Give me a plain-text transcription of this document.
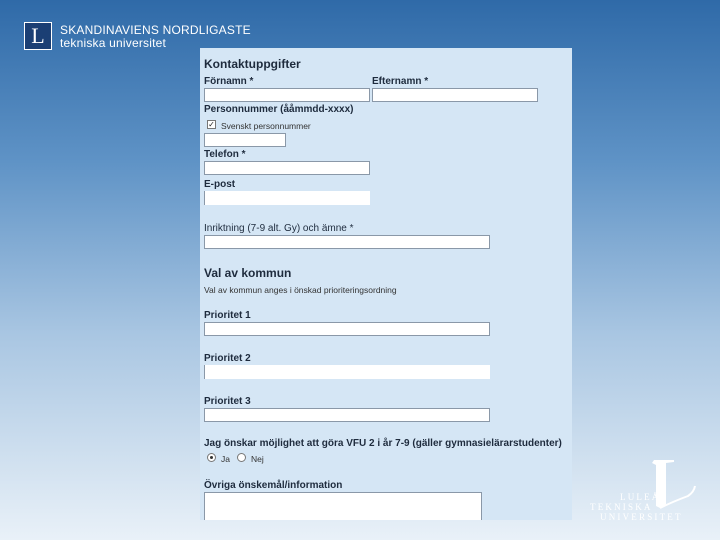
L SKANDINAVIENS NORDLIGASTE
tekniska universitet
Kontaktuppgifter
Förnamn *	Efternamn *
Personnummer (ååmmdd-xxxx)
✓ Svenskt personnummer
Telefon *
E-post
Inriktning (7-9 alt. Gy) och ämne *
Val av kommun
Val av kommun anges i önskad prioriteringsordning
Prioritet 1
Prioritet 2
Prioritet 3
Jag önskar möjlighet att göra VFU 2 i år 7-9 (gäller gymnasielärarstudenter)
Ja Nej
Övriga önskemål/information
LULEÅ
TEKNISKA
UNIVERSITET
